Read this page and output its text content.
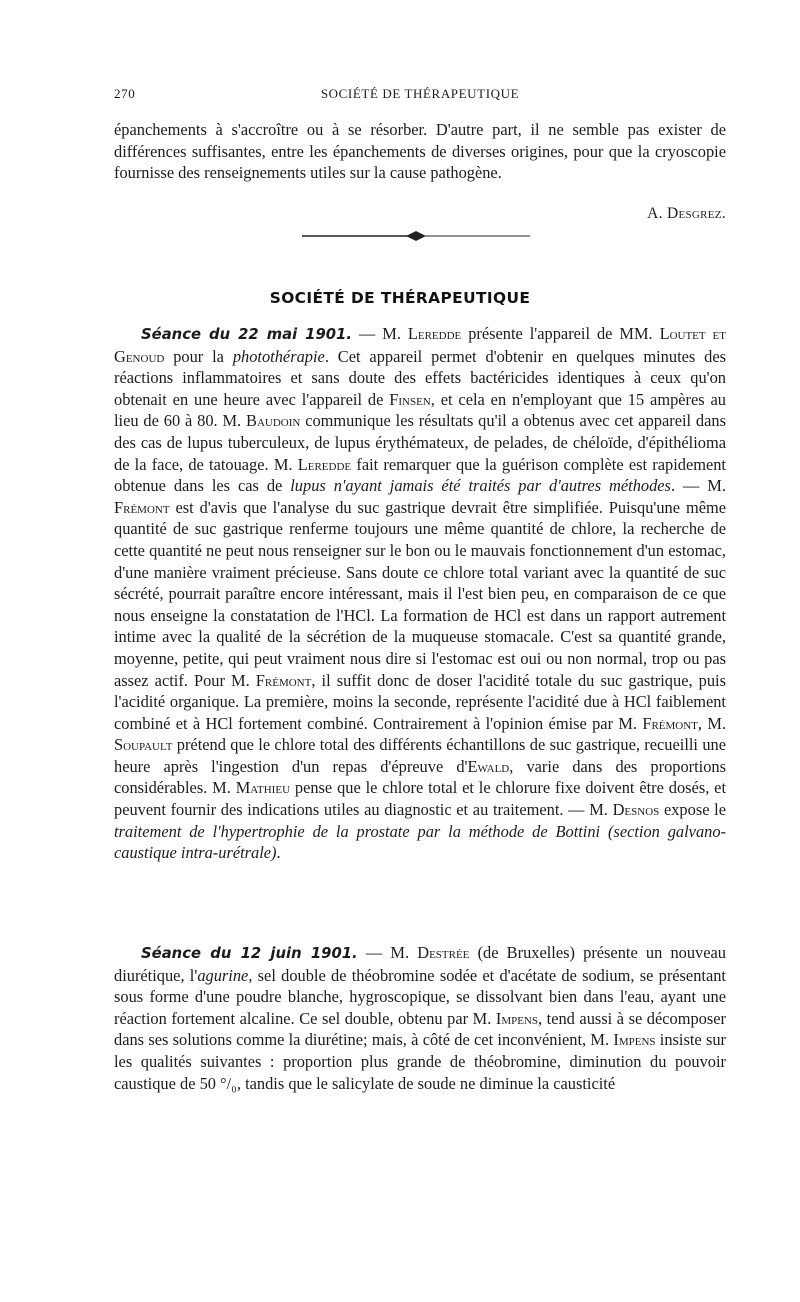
270	SOCIÉTÉ DE THÉRAPEUTIQUE

épanchements à s'accroître ou à se résorber. D'autre part, il ne semble pas exister de différences suffisantes, entre les épanchements de diverses origines, pour que la cryoscopie fournisse des renseignements utiles sur la cause pathogène.

A. Desgrez.
SOCIÉTÉ DE THÉRAPEUTIQUE

Séance du 22 mai 1901. — M. Leredde présente l'appareil de MM. Loutet et Genoud pour la photothérapie. Cet appareil permet d'obtenir en quelques minutes des réactions inflammatoires et sans doute des effets bactéricides identiques à ceux qu'on obtenait en une heure avec l'appareil de Finsen, et cela en n'employant que 15 ampères au lieu de 60 à 80. M. Baudoin communique les résultats qu'il a obtenus avec cet appareil dans des cas de lupus tuberculeux, de lupus érythémateux, de pelades, de chéloïde, d'épithélioma de la face, de tatouage. M. Leredde fait remarquer que la guérison complète est rapidement obtenue dans les cas de lupus n'ayant jamais été traités par d'autres méthodes. — M. Frémont est d'avis que l'analyse du suc gastrique devrait être simplifiée. Puisqu'une même quantité de suc gastrique renferme toujours une même quantité de chlore, la recherche de cette quantité ne peut nous renseigner sur le bon ou le mauvais fonctionnement d'un estomac, d'une manière vraiment précieuse. Sans doute ce chlore total variant avec la quantité de suc sécrété, pourrait paraître encore intéressant, mais il l'est bien peu, en comparaison de ce que nous enseigne la constatation de l'HCl. La formation de HCl est dans un rapport autrement intime avec la qualité de la sécrétion de la muqueuse stomacale. C'est sa quantité grande, moyenne, petite, qui peut vraiment nous dire si l'estomac est oui ou non normal, trop ou pas assez actif. Pour M. Frémont, il suffit donc de doser l'acidité totale du suc gastrique, puis l'acidité organique. La première, moins la seconde, représente l'acidité due à HCl faiblement combiné et à HCl fortement combiné. Contrairement à l'opinion émise par M. Frémont, M. Soupault prétend que le chlore total des différents échantillons de suc gastrique, recueilli une heure après l'ingestion d'un repas d'épreuve d'Ewald, varie dans des proportions considérables. M. Mathieu pense que le chlore total et le chlorure fixe doivent être dosés, et peuvent fournir des indications utiles au diagnostic et au traitement. — M. Desnos expose le traitement de l'hypertrophie de la prostate par la méthode de Bottini (section galvano-caustique intra-urétrale).

Séance du 12 juin 1901. — M. Destrée (de Bruxelles) présente un nouveau diurétique, l'agurine, sel double de théobromine sodée et d'acétate de sodium, se présentant sous forme d'une poudre blanche, hygroscopique, se dissolvant bien dans l'eau, ayant une réaction fortement alcaline. Ce sel double, obtenu par M. Impens, tend aussi à se décomposer dans ses solutions comme la diurétine; mais, à côté de cet inconvénient, M. Impens insiste sur les qualités suivantes : proportion plus grande de théobromine, diminution du pouvoir caustique de 50 °/₀, tandis que le salicylate de soude ne diminue la causticité
